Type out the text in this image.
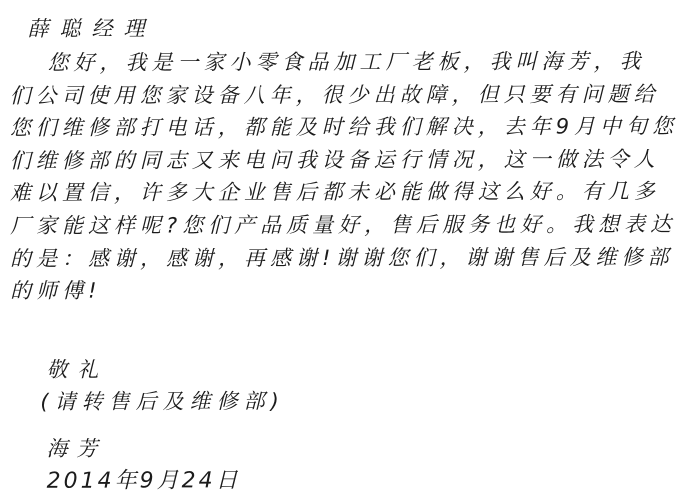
薛聪经理
您好，我是一家小零食品加工厂老板，我叫海芳，我
们公司使用您家设备八年，很少出故障，但只要有问题给
您们维修部打电话，都能及时给我们解决，去年9月中旬您
们维修部的同志又来电问我设备运行情况，这一做法令人
难以置信，许多大企业售后都未必能做得这么好。有几多
厂家能这样呢?您们产品质量好，售后服务也好。我想表达
的是：感谢，感谢，再感谢!谢谢您们，谢谢售后及维修部
的师傅!
敬礼
(请转售后及维修部)
海芳
2014年9月24日
